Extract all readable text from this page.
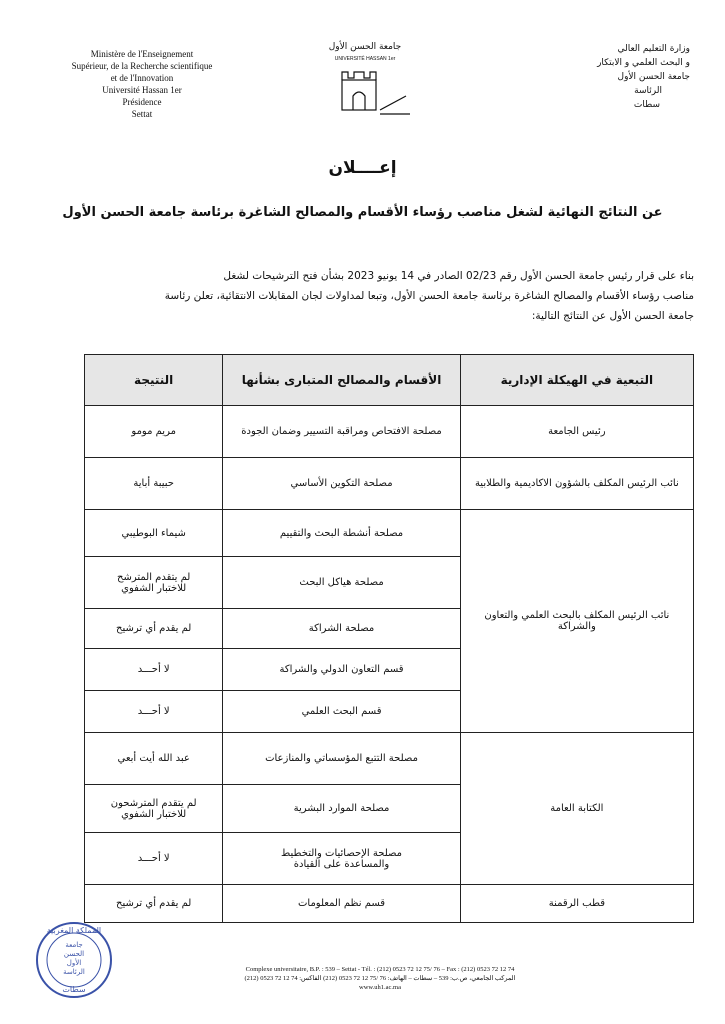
Ministère de l'Enseignement
Supérieur, de la Recherche scientifique
et de l'Innovation
Université Hassan 1er
Présidence
Settat
جامعة الحسن الأول
UNIVERSITÉ HASSAN 1er
وزارة التعليم العالي
و البحث العلمي و الابتكار
جامعة الحسن الأول
الرئاسة
سطات
إعــــلان
عن النتائج النهائية لشغل مناصب رؤساء الأقسام والمصالح الشاغرة برئاسة جامعة الحسن الأول
بناء على قرار رئيس جامعة الحسن الأول رقم 02/23 الصادر في 14 يونيو 2023 بشأن فتح الترشيحات لشغل
مناصب رؤساء الأقسام والمصالح الشاغرة برئاسة جامعة الحسن الأول، وتبعا لمداولات لجان المقابلات الانتقائية، تعلن رئاسة
جامعة الحسن الأول عن النتائج التالية:
التبعية في الهيكلة الإدارية	الأقسام والمصالح المتبارى بشأنها	النتيجة
رئيس الجامعة	مصلحة الافتحاص ومراقبة التسيير وضمان الجودة	مريم مومو
نائب الرئيس المكلف بالشؤون الاكاديمية والطلابية	مصلحة التكوين الأساسي	حبيبة أباية
نائب الرئيس المكلف بالبحث العلمي والتعاون والشراكة	مصلحة أنشطة البحث والتقييم	شيماء البوطيبي
	مصلحة هياكل البحث	لم يتقدم المترشح للاختبار الشفوي
	مصلحة الشراكة	لم يقدم أي ترشيح
	قسم التعاون الدولي والشراكة	لا أحـــد
	قسم البحث العلمي	لا أحـــد
الكتابة العامة	مصلحة التتبع المؤسساتي والمنازعات	عبد الله أيت أبعي
	مصلحة الموارد البشرية	لم يتقدم المترشحون للاختبار الشفوي
	مصلحة الإحصائيات والتخطيط والمساعدة على القيادة	لا أحـــد
قطب الرقمنة	قسم نظم المعلومات	لم يقدم أي ترشيح
المملكة المغربية
جامعة
الحسن
الأول
الرئاسة
سطات
Complexe universitaire, B.P. : 539 – Settat - Tél. : (212) 0523 72 12 75/ 76 – Fax : (212) 0523 72 12 74
المركب الجامعي، ص.ب: 539 – سطات – الهاتف: 76 /75 12 72 0523 (212) الفاكس: 74 12 72 0523 (212)
www.uh1.ac.ma
